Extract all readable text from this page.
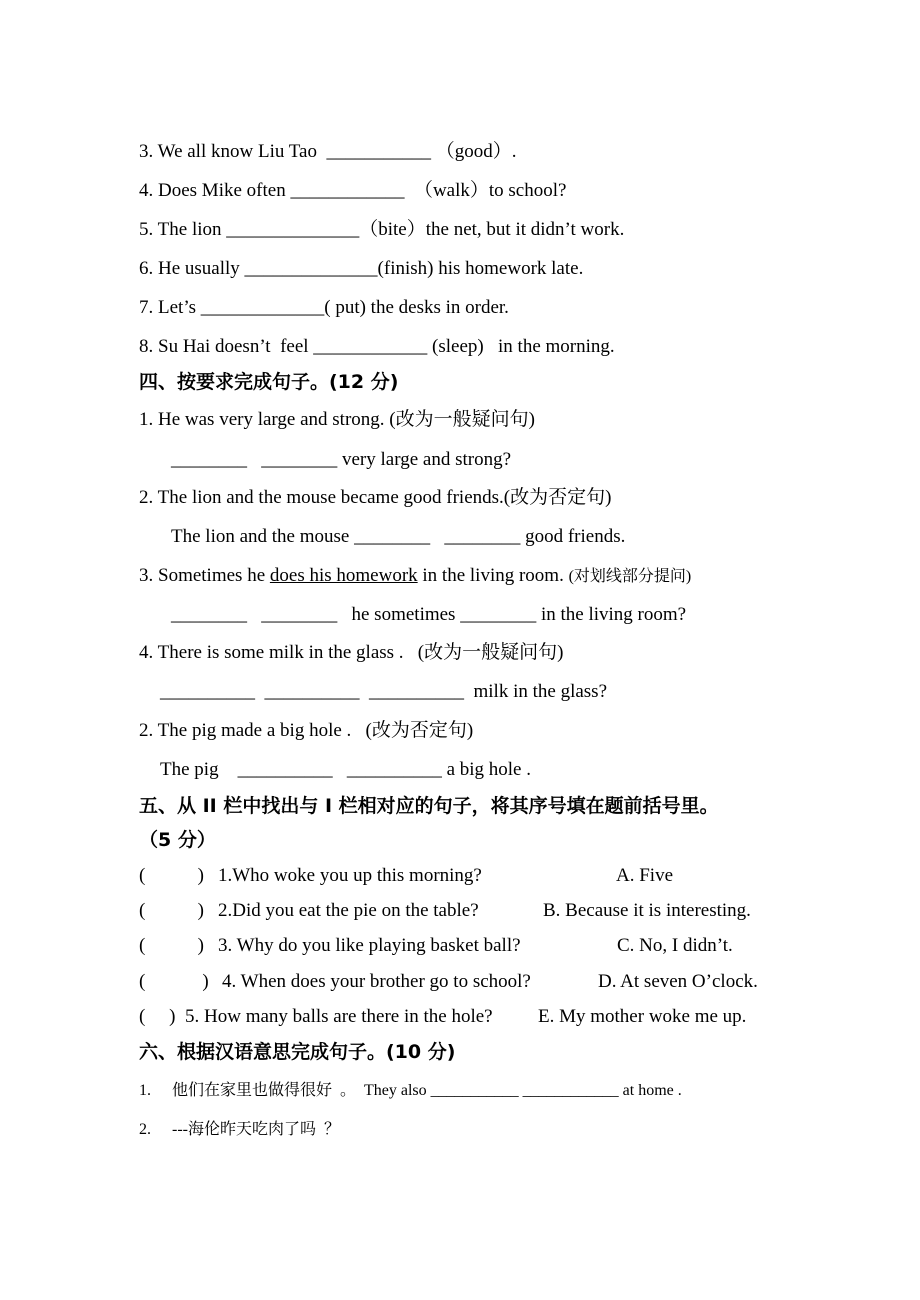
3. We all know Liu Tao  ___________ （good）.
4. Does Mike often ____________  （walk）to school?
5. The lion ______________（bite）the net, but it didn’t work.
6. He usually ______________(finish) his homework late.
7. Let’s _____________( put) the desks in order.
8. Su Hai doesn’t  feel ____________ (sleep)   in the morning.
四、按要求完成句子。(12 分)
1. He was very large and strong. (改为一般疑问句)
________   ________ very large and strong?
2. The lion and the mouse became good friends.(改为否定句)
The lion and the mouse ________   ________ good friends.
3. Sometimes he does his homework in the living room. (对划线部分提问)
________   ________   he sometimes ________ in the living room?
4. There is some milk in the glass .   (改为一般疑问句)
__________  __________  __________  milk in the glass?
2. The pig made a big hole .   (改为否定句)
The pig    __________   __________ a big hole .
五、从 II 栏中找出与 I 栏相对应的句子，将其序号填在题前括号里。
（5 分）
(           ) 1.Who woke you up this morning?	A. Five
(           ) 2.Did you eat the pie on the table?	B. Because it is interesting.
(           ) 3. Why do you like playing basket ball?	C. No, I didn’t.
(            ) 4. When does your brother go to school?	D. At seven O’clock.
(     ) 5. How many balls are there in the hole? E. My mother woke me up.
六、根据汉语意思完成句子。(10 分)
1. 他们在家里也做得很好  。  They also ___________ ____________ at home .
2. ---海伦昨天吃肉了吗  ？
